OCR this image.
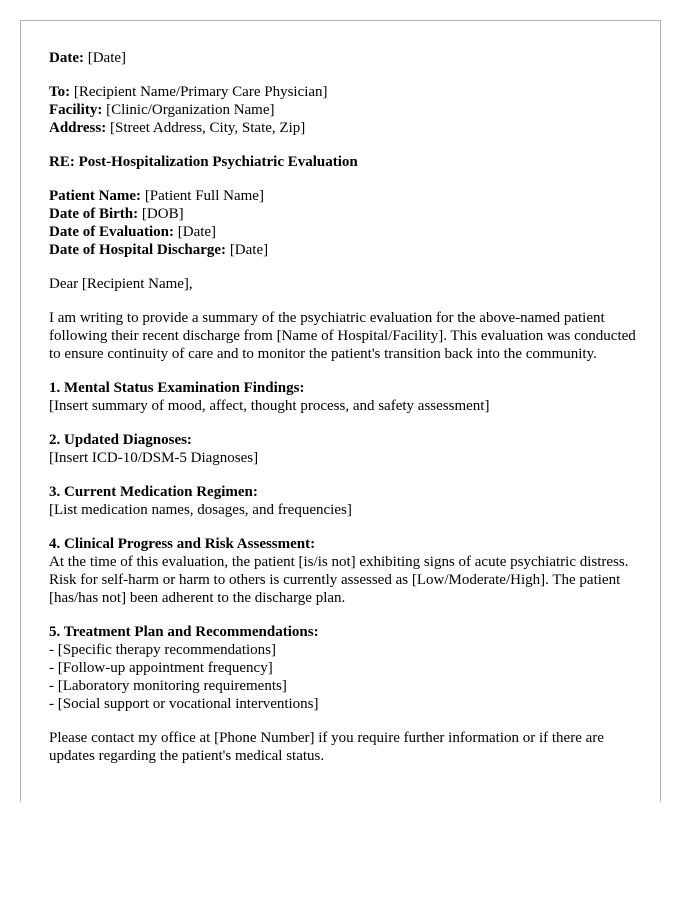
Date: [Date]

To: [Recipient Name/Primary Care Physician]

Facility: [Clinic/Organization Name]

Address: [Street Address, City, State, Zip]

RE: Post-Hospitalization Psychiatric Evaluation

Patient Name: [Patient Full Name]

Date of Birth: [DOB]

Date of Evaluation: [Date]

Date of Hospital Discharge: [Date]

Dear [Recipient Name],

I am writing to provide a summary of the psychiatric evaluation for the above-named patient following their recent discharge from [Name of Hospital/Facility]. This evaluation was conducted to ensure continuity of care and to monitor the patient's transition back into the community.

1. Mental Status Examination Findings:

[Insert summary of mood, affect, thought process, and safety assessment]

2. Updated Diagnoses:

[Insert ICD-10/DSM-5 Diagnoses]

3. Current Medication Regimen:

[List medication names, dosages, and frequencies]

4. Clinical Progress and Risk Assessment:

At the time of this evaluation, the patient [is/is not] exhibiting signs of acute psychiatric distress. Risk for self-harm or harm to others is currently assessed as [Low/Moderate/High]. The patient [has/has not] been adherent to the discharge plan.

5. Treatment Plan and Recommendations:

- [Specific therapy recommendations]
- [Follow-up appointment frequency]
- [Laboratory monitoring requirements]
- [Social support or vocational interventions]

Please contact my office at [Phone Number] if you require further information or if there are updates regarding the patient's medical status.
